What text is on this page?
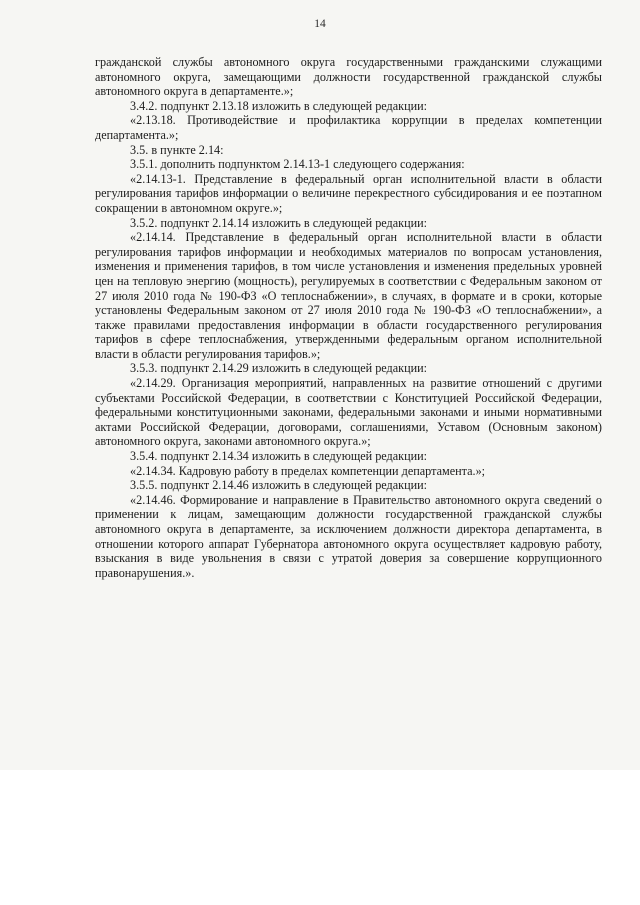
14

гражданской службы автономного округа государственными гражданскими служащими автономного округа, замещающими должности государственной гражданской службы автономного округа в департаменте.»;

3.4.2. подпункт 2.13.18 изложить в следующей редакции:

«2.13.18. Противодействие и профилактика коррупции в пределах компетенции департамента.»;

3.5. в пункте 2.14:

3.5.1. дополнить подпунктом 2.14.13-1 следующего содержания:

«2.14.13-1. Представление в федеральный орган исполнительной власти в области регулирования тарифов информации о величине перекрестного субсидирования и ее поэтапном сокращении в автономном округе.»;

3.5.2. подпункт 2.14.14 изложить в следующей редакции:

«2.14.14. Представление в федеральный орган исполнительной власти в области регулирования тарифов информации и необходимых материалов по вопросам установления, изменения и применения тарифов, в том числе установления и изменения предельных уровней цен на тепловую энергию (мощность), регулируемых в соответствии с Федеральным законом от 27 июля 2010 года № 190-ФЗ «О теплоснабжении», в случаях, в формате и в сроки, которые установлены Федеральным законом от 27 июля 2010 года № 190-ФЗ «О теплоснабжении», а также правилами предоставления информации в области государственного регулирования тарифов в сфере теплоснабжения, утвержденными федеральным органом исполнительной власти в области регулирования тарифов.»;

3.5.3. подпункт 2.14.29 изложить в следующей редакции:

«2.14.29. Организация мероприятий, направленных на развитие отношений с другими субъектами Российской Федерации, в соответствии с Конституцией Российской Федерации, федеральными конституционными законами, федеральными законами и иными нормативными актами Российской Федерации, договорами, соглашениями, Уставом (Основным законом) автономного округа, законами автономного округа.»;

3.5.4. подпункт 2.14.34 изложить в следующей редакции:

«2.14.34. Кадровую работу в пределах компетенции департамента.»;

3.5.5. подпункт 2.14.46 изложить в следующей редакции:

«2.14.46. Формирование и направление в Правительство автономного округа сведений о применении к лицам, замещающим должности государственной гражданской службы автономного округа в департаменте, за исключением должности директора департамента, в отношении которого аппарат Губернатора автономного округа осуществляет кадровую работу, взыскания в виде увольнения в связи с утратой доверия за совершение коррупционного правонарушения.».
